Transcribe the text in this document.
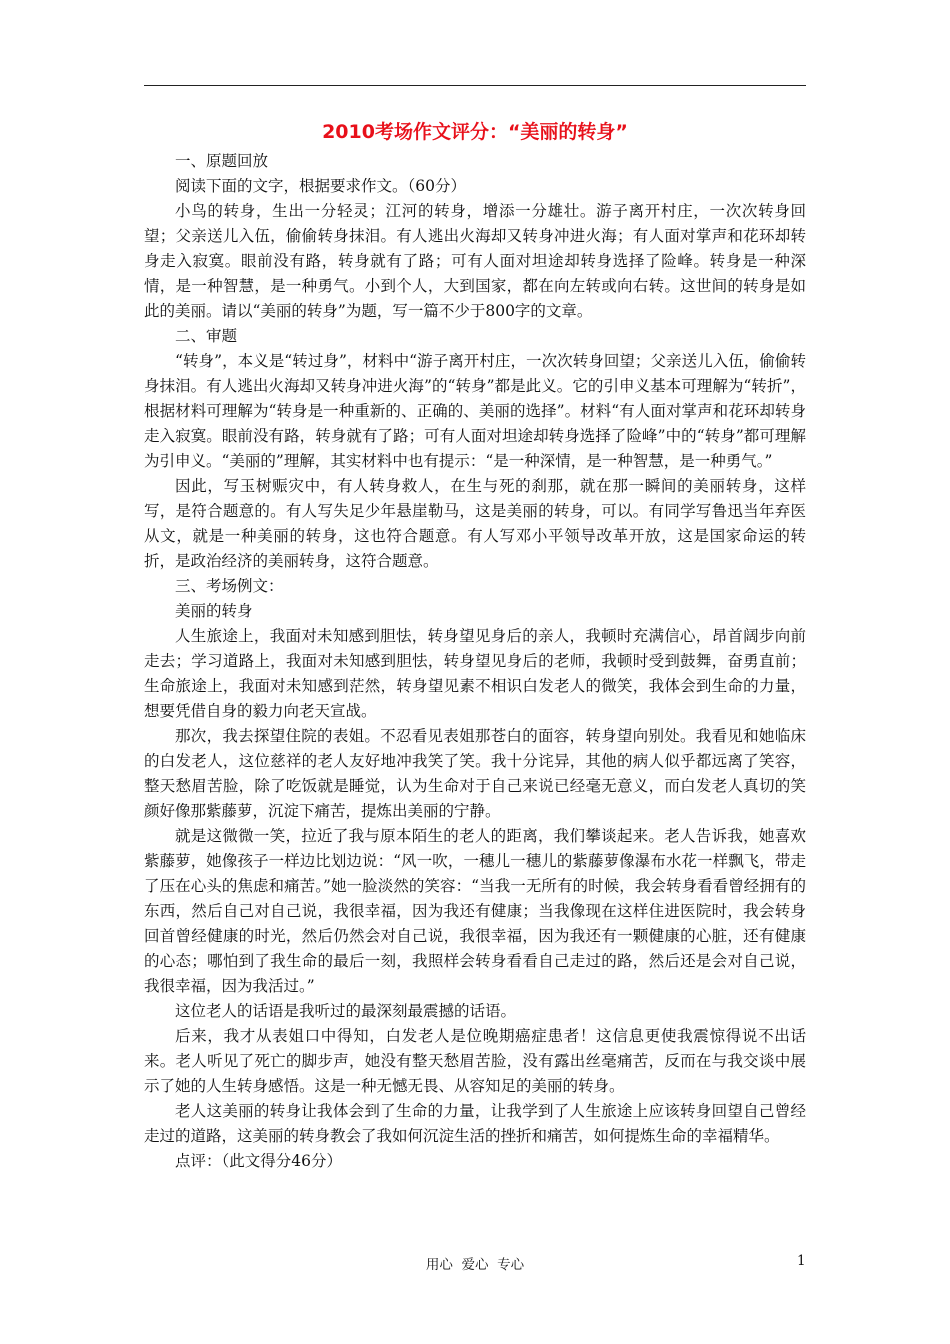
2010考场作文评分：“美丽的转身”

一、原题回放

阅读下面的文字，根据要求作文。（60分）

小鸟的转身，生出一分轻灵；江河的转身，增添一分雄壮。游子离开村庄，一次次转身回望；父亲送儿入伍，偷偷转身抹泪。有人逃出火海却又转身冲进火海；有人面对掌声和花环却转身走入寂寞。眼前没有路，转身就有了路；可有人面对坦途却转身选择了险峰。转身是一种深情，是一种智慧，是一种勇气。小到个人，大到国家，都在向左转或向右转。这世间的转身是如此的美丽。请以“美丽的转身”为题，写一篇不少于800字的文章。

二、审题

“转身”，本义是“转过身”，材料中“游子离开村庄，一次次转身回望；父亲送儿入伍，偷偷转身抹泪。有人逃出火海却又转身冲进火海”的“转身”都是此义。它的引申义基本可理解为“转折”，根据材料可理解为“转身是一种重新的、正确的、美丽的选择”。材料“有人面对掌声和花环却转身走入寂寞。眼前没有路，转身就有了路；可有人面对坦途却转身选择了险峰”中的“转身”都可理解为引申义。“美丽的”理解，其实材料中也有提示：“是一种深情，是一种智慧，是一种勇气。”

因此，写玉树赈灾中，有人转身救人，在生与死的刹那，就在那一瞬间的美丽转身，这样写，是符合题意的。有人写失足少年悬崖勒马，这是美丽的转身，可以。有同学写鲁迅当年弃医从文，就是一种美丽的转身，这也符合题意。有人写邓小平领导改革开放，这是国家命运的转折，是政治经济的美丽转身，这符合题意。

三、考场例文：

美丽的转身

人生旅途上，我面对未知感到胆怯，转身望见身后的亲人，我顿时充满信心，昂首阔步向前走去；学习道路上，我面对未知感到胆怯，转身望见身后的老师，我顿时受到鼓舞，奋勇直前；生命旅途上，我面对未知感到茫然，转身望见素不相识白发老人的微笑，我体会到生命的力量，想要凭借自身的毅力向老天宣战。

那次，我去探望住院的表姐。不忍看见表姐那苍白的面容，转身望向别处。我看见和她临床的白发老人，这位慈祥的老人友好地冲我笑了笑。我十分诧异，其他的病人似乎都远离了笑容，整天愁眉苦脸，除了吃饭就是睡觉，认为生命对于自己来说已经毫无意义，而白发老人真切的笑颜好像那紫藤萝，沉淀下痛苦，提炼出美丽的宁静。

就是这微微一笑，拉近了我与原本陌生的老人的距离，我们攀谈起来。老人告诉我，她喜欢紫藤萝，她像孩子一样边比划边说：“风一吹，一穗儿一穗儿的紫藤萝像瀑布水花一样飘飞，带走了压在心头的焦虑和痛苦。”她一脸淡然的笑容：“当我一无所有的时候，我会转身看看曾经拥有的东西，然后自己对自己说，我很幸福，因为我还有健康；当我像现在这样住进医院时，我会转身回首曾经健康的时光，然后仍然会对自己说，我很幸福，因为我还有一颗健康的心脏，还有健康的心态；哪怕到了我生命的最后一刻，我照样会转身看看自己走过的路，然后还是会对自己说，我很幸福，因为我活过。”

这位老人的话语是我听过的最深刻最震撼的话语。

后来，我才从表姐口中得知，白发老人是位晚期癌症患者！这信息更使我震惊得说不出话来。老人听见了死亡的脚步声，她没有整天愁眉苦脸，没有露出丝毫痛苦，反而在与我交谈中展示了她的人生转身感悟。这是一种无憾无畏、从容知足的美丽的转身。

老人这美丽的转身让我体会到了生命的力量，让我学到了人生旅途上应该转身回望自己曾经走过的道路，这美丽的转身教会了我如何沉淀生活的挫折和痛苦，如何提炼生命的幸福精华。

点评：（此文得分46分）

用心  爱心  专心	1
